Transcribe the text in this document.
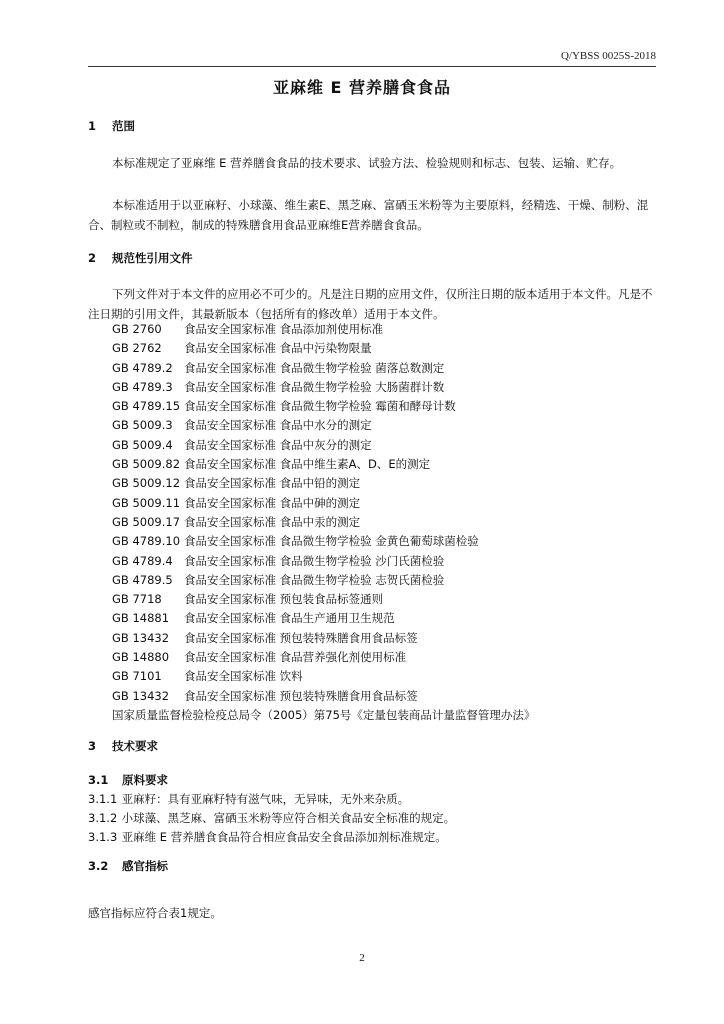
Q/YBSS 0025S-2018
亚麻维 E 营养膳食食品
1 范围
本标准规定了亚麻维 E 营养膳食食品的技术要求、试验方法、检验规则和标志、包装、运输、贮存。
本标准适用于以亚麻籽、小球藻、维生素E、黑芝麻、富硒玉米粉等为主要原料，经精选、干燥、制粉、混合、制粒或不制粒，制成的特殊膳食用食品亚麻维E营养膳食食品。
2 规范性引用文件
下列文件对于本文件的应用必不可少的。凡是注日期的应用文件，仅所注日期的版本适用于本文件。凡是不注日期的引用文件，其最新版本（包括所有的修改单）适用于本文件。
GB 2760 食品安全国家标准 食品添加剂使用标准
GB 2762 食品安全国家标准 食品中污染物限量
GB 4789.2 食品安全国家标准 食品微生物学检验 菌落总数测定
GB 4789.3 食品安全国家标准 食品微生物学检验 大肠菌群计数
GB 4789.15 食品安全国家标准 食品微生物学检验 霉菌和酵母计数
GB 5009.3 食品安全国家标准 食品中水分的测定
GB 5009.4 食品安全国家标准 食品中灰分的测定
GB 5009.82 食品安全国家标准 食品中维生素A、D、E的测定
GB 5009.12 食品安全国家标准 食品中铅的测定
GB 5009.11 食品安全国家标准 食品中砷的测定
GB 5009.17 食品安全国家标准 食品中汞的测定
GB 4789.10 食品安全国家标准 食品微生物学检验 金黄色葡萄球菌检验
GB 4789.4 食品安全国家标准 食品微生物学检验 沙门氏菌检验
GB 4789.5 食品安全国家标准 食品微生物学检验 志贺氏菌检验
GB 7718 食品安全国家标准 预包装食品标签通则
GB 14881 食品安全国家标准 食品生产通用卫生规范
GB 13432 食品安全国家标准 预包装特殊膳食用食品标签
GB 14880 食品安全国家标准 食品营养强化剂使用标准
GB 7101 食品安全国家标准 饮料
GB 13432 食品安全国家标准 预包装特殊膳食用食品标签
国家质量监督检验检疫总局令（2005）第75号《定量包装商品计量监督管理办法》
3 技术要求
3.1 原料要求
3.1.1 亚麻籽：具有亚麻籽特有滋气味，无异味，无外来杂质。
3.1.2 小球藻、黑芝麻、富硒玉米粉等应符合相关食品安全标准的规定。
3.1.3 亚麻维 E 营养膳食食品符合相应食品安全食品添加剂标准规定。
3.2 感官指标
感官指标应符合表1规定。
2
